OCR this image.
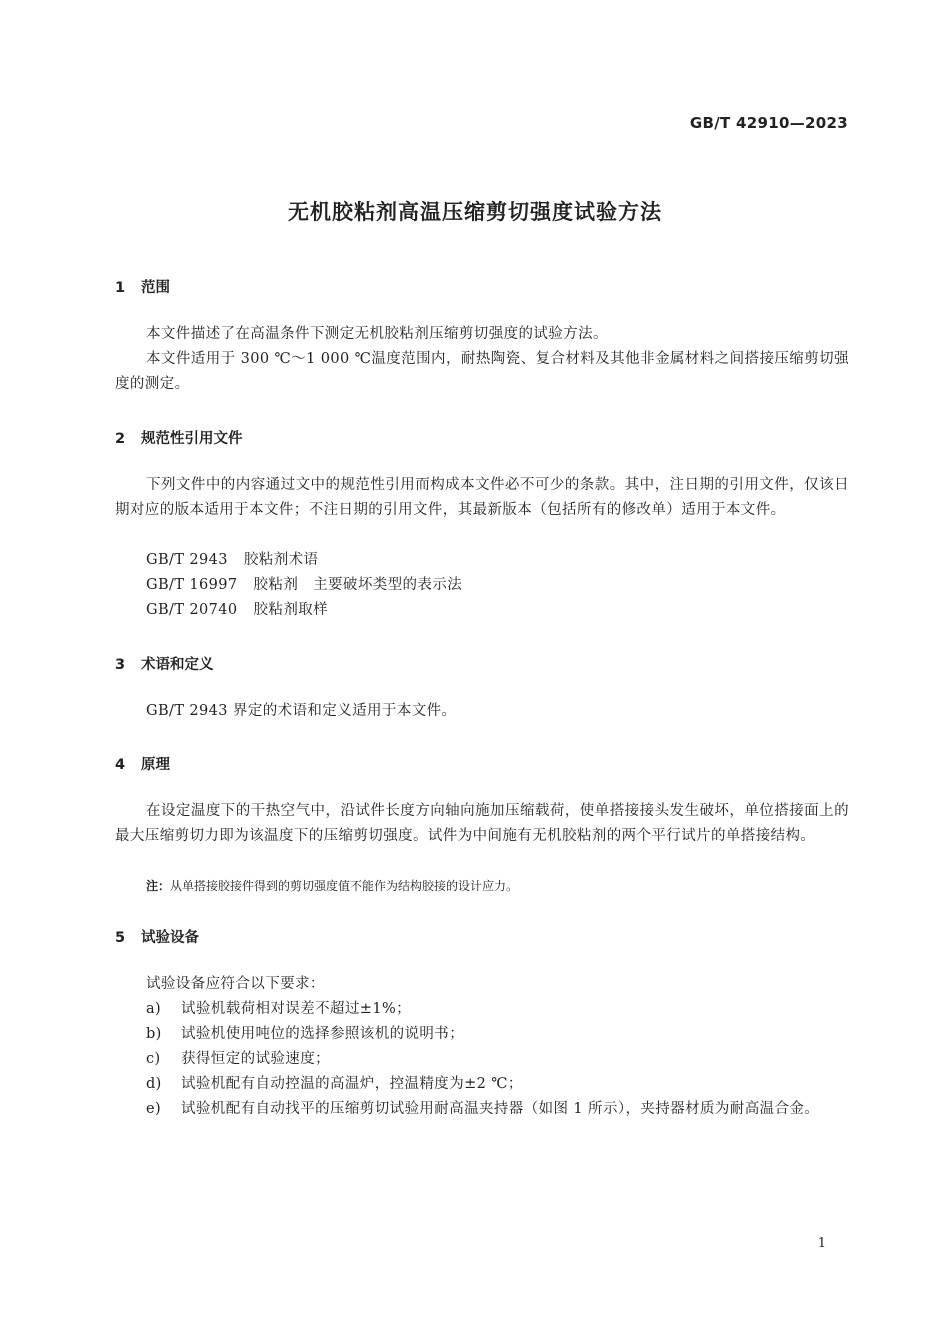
GB/T 42910—2023
无机胶粘剂高温压缩剪切强度试验方法
1 范围
本文件描述了在高温条件下测定无机胶粘剂压缩剪切强度的试验方法。
本文件适用于 300 ℃～1 000 ℃温度范围内，耐热陶瓷、复合材料及其他非金属材料之间搭接压缩剪切强度的测定。
2 规范性引用文件
下列文件中的内容通过文中的规范性引用而构成本文件必不可少的条款。其中，注日期的引用文件，仅该日期对应的版本适用于本文件；不注日期的引用文件，其最新版本（包括所有的修改单）适用于本文件。
GB/T 2943 胶粘剂术语
GB/T 16997 胶粘剂　主要破坏类型的表示法
GB/T 20740 胶粘剂取样
3 术语和定义
GB/T 2943 界定的术语和定义适用于本文件。
4 原理
在设定温度下的干热空气中，沿试件长度方向轴向施加压缩载荷，使单搭接接头发生破坏，单位搭接面上的最大压缩剪切力即为该温度下的压缩剪切强度。试件为中间施有无机胶粘剂的两个平行试片的单搭接结构。
注：从单搭接胶接件得到的剪切强度值不能作为结构胶接的设计应力。
5 试验设备
试验设备应符合以下要求：
a)	试验机载荷相对误差不超过±1%；
b)	试验机使用吨位的选择参照该机的说明书；
c)	获得恒定的试验速度；
d)	试验机配有自动控温的高温炉，控温精度为±2 ℃；
e)	试验机配有自动找平的压缩剪切试验用耐高温夹持器（如图 1 所示），夹持器材质为耐高温合金。
1
